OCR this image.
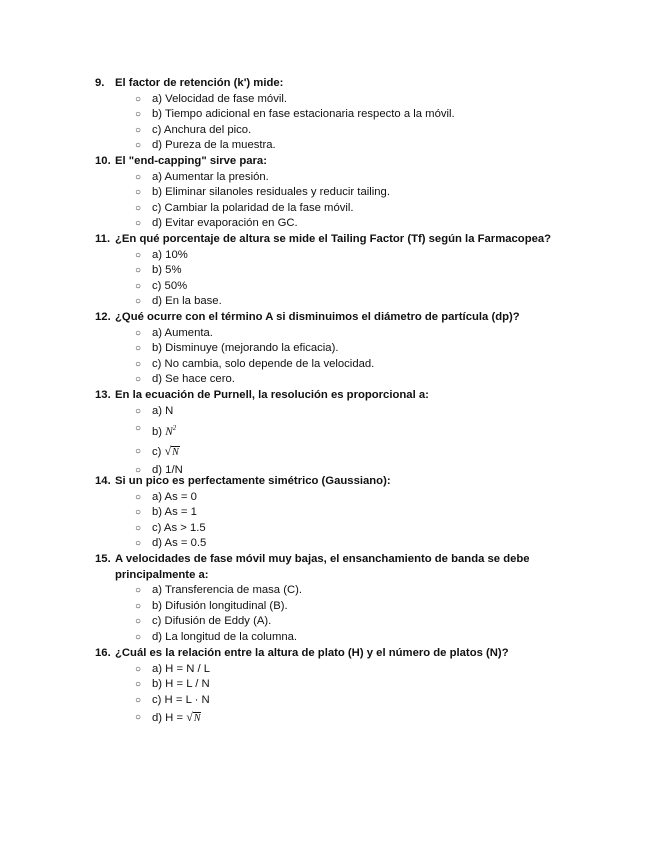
9. El factor de retención (k') mide:
○ a) Velocidad de fase móvil.
○ b) Tiempo adicional en fase estacionaria respecto a la móvil.
○ c) Anchura del pico.
○ d) Pureza de la muestra.
10. El "end-capping" sirve para:
○ a) Aumentar la presión.
○ b) Eliminar silanoles residuales y reducir tailing.
○ c) Cambiar la polaridad de la fase móvil.
○ d) Evitar evaporación en GC.
11. ¿En qué porcentaje de altura se mide el Tailing Factor (Tf) según la Farmacopea?
○ a) 10%
○ b) 5%
○ c) 50%
○ d) En la base.
12. ¿Qué ocurre con el término A si disminuimos el diámetro de partícula (dp)?
○ a) Aumenta.
○ b) Disminuye (mejorando la eficacia).
○ c) No cambia, solo depende de la velocidad.
○ d) Se hace cero.
13. En la ecuación de Purnell, la resolución es proporcional a:
○ a) N
○ b) $N^2$
○ c) √N
○ d) 1/N
14. Si un pico es perfectamente simétrico (Gaussiano):
○ a) As = 0
○ b) As = 1
○ c) As > 1.5
○ d) As = 0.5
15. A velocidades de fase móvil muy bajas, el ensanchamiento de banda se debe principalmente a:
○ a) Transferencia de masa (C).
○ b) Difusión longitudinal (B).
○ c) Difusión de Eddy (A).
○ d) La longitud de la columna.
16. ¿Cuál es la relación entre la altura de plato (H) y el número de platos (N)?
○ a) H = N / L
○ b) H = L / N
○ c) H = L · N
○ d) H = √N
